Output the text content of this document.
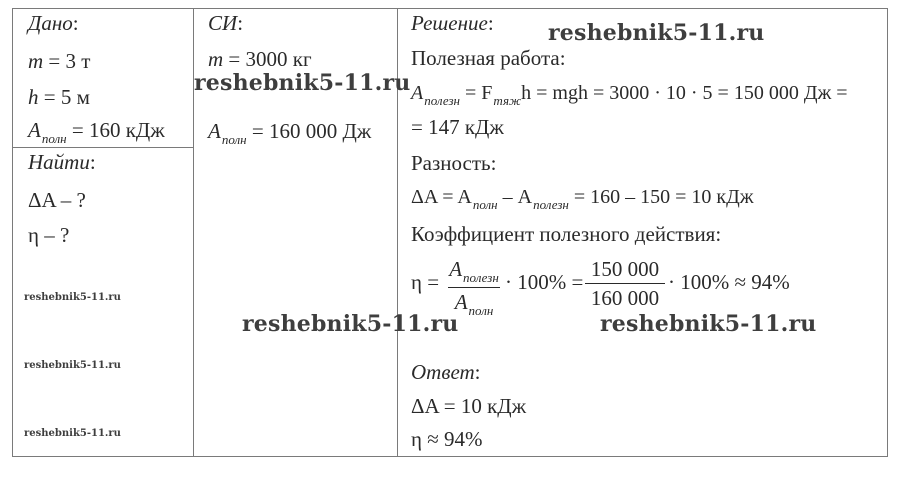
Дано:
m = 3 т
h = 5 м
$A_{полн} = 160$ кДж
Найти:
ΔA – ?
η – ?
reshebnik5-11.ru
reshebnik5-11.ru
reshebnik5-11.ru
СИ:
m = 3000 кг
$A_{полн} = 160$ 000 Дж
Решение:
Полезная работа:
$A_{полезн} = F_{тяж}h$ = mgh = 3000 · 10 · 5 = 150 000 Дж =
= 147 кДж
Разность:
$\Delta A = A_{полн} - A_{полезн} = 160 - 150 = 10$ кДж
Коэффициент полезного действия:
η =
$A_{полезн}$
$A_{полн}$
· 100% =
150 000
160 000
· 100% ≈ 94%
Ответ:
ΔA = 10 кДж
η ≈ 94%
reshebnik5-11.ru
reshebnik5-11.ru
reshebnik5-11.ru	reshebnik5-11.ru
